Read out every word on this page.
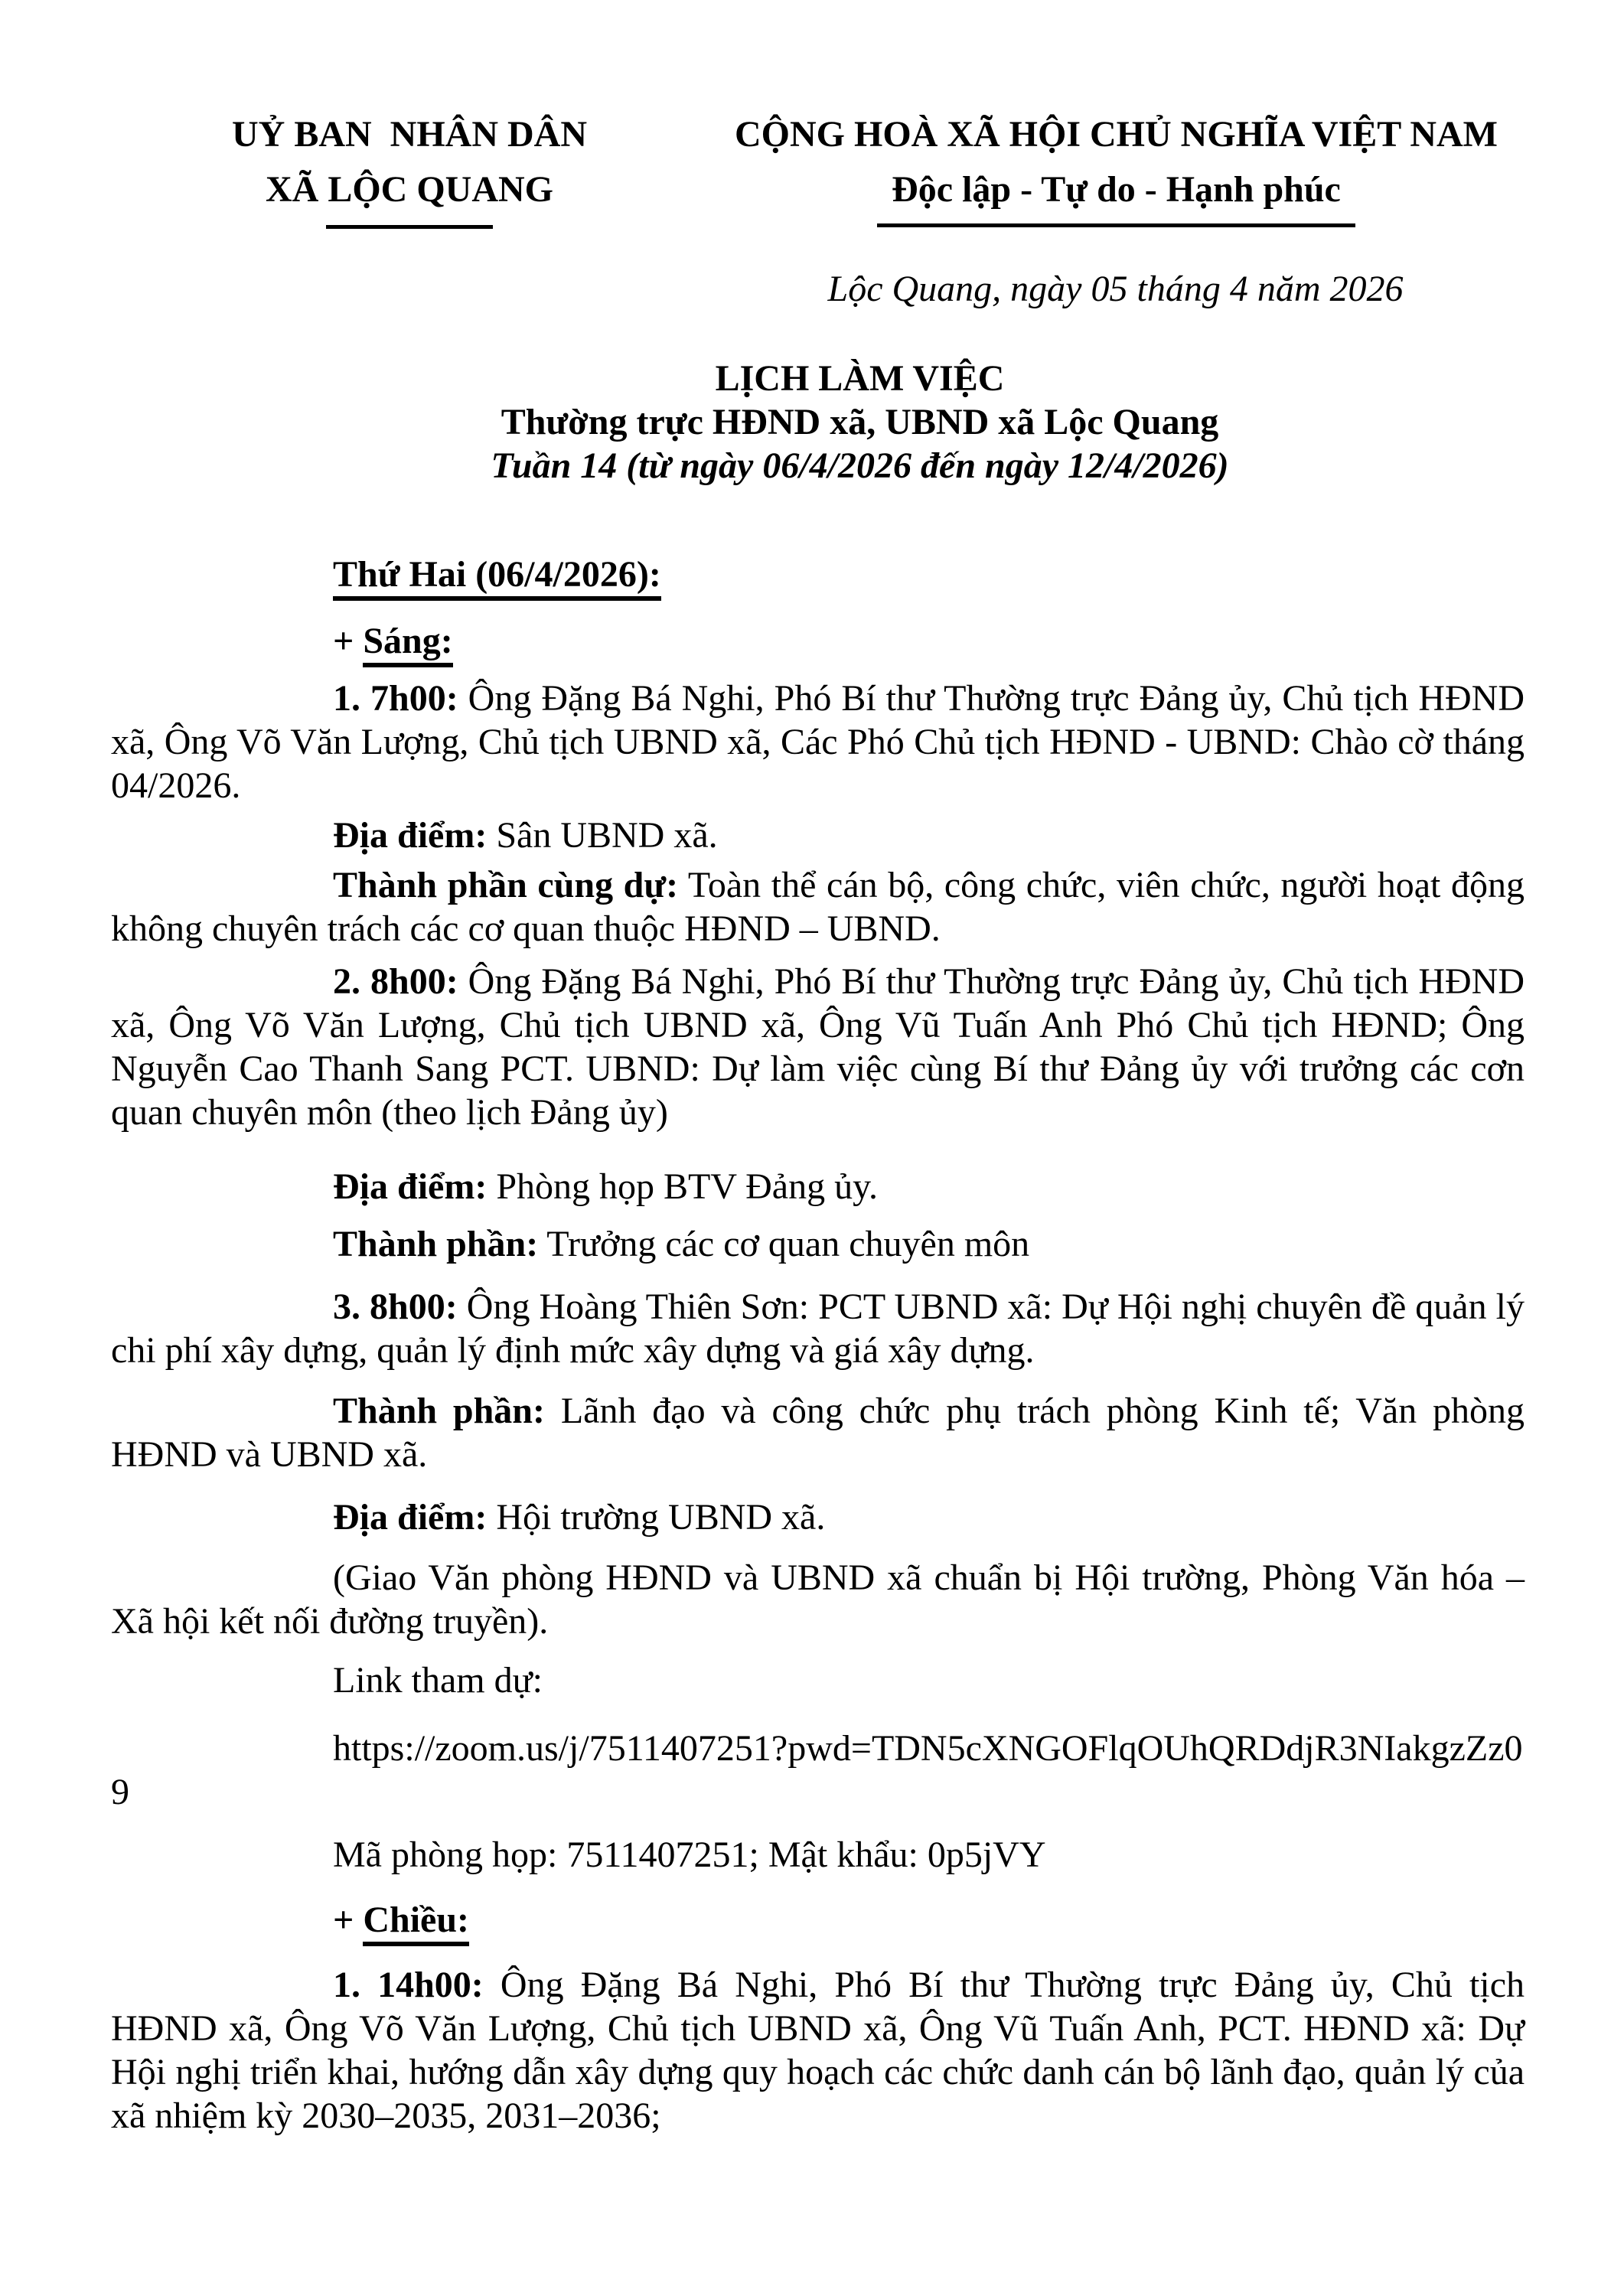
UỶ BAN  NHÂN DÂN
XÃ LỘC QUANG
CỘNG HOÀ XÃ HỘI CHỦ NGHĨA VIỆT NAM
Độc lập - Tự do - Hạnh phúc
Lộc Quang, ngày 05 tháng 4 năm 2026
LỊCH LÀM VIỆC
Thường trực HĐND xã, UBND xã Lộc Quang
Tuần 14 (từ ngày 06/4/2026 đến ngày 12/4/2026)

Thứ Hai (06/4/2026):

+ Sáng:

1. 7h00: Ông Đặng Bá Nghi, Phó Bí thư Thường trực Đảng ủy, Chủ tịch HĐND xã, Ông Võ Văn Lượng, Chủ tịch UBND xã, Các Phó Chủ tịch HĐND - UBND: Chào cờ tháng 04/2026.

Địa điểm: Sân UBND xã.

Thành phần cùng dự: Toàn thể cán bộ, công chức, viên chức, người hoạt động không chuyên trách các cơ quan thuộc HĐND – UBND.

2. 8h00: Ông Đặng Bá Nghi, Phó Bí thư Thường trực Đảng ủy, Chủ tịch HĐND xã, Ông Võ Văn Lượng, Chủ tịch UBND xã, Ông Vũ Tuấn Anh Phó Chủ tịch HĐND; Ông Nguyễn Cao Thanh Sang PCT. UBND: Dự làm việc cùng Bí thư Đảng ủy với trưởng các cơn quan chuyên môn (theo lịch Đảng ủy)

Địa điểm: Phòng họp BTV Đảng ủy.

Thành phần: Trưởng các cơ quan chuyên môn

3. 8h00: Ông Hoàng Thiên Sơn: PCT UBND xã: Dự Hội nghị chuyên đề quản lý chi phí xây dựng, quản lý định mức xây dựng và giá xây dựng.

Thành phần: Lãnh đạo và công chức phụ trách phòng Kinh tế; Văn phòng HĐND và UBND xã.

Địa điểm: Hội trường UBND xã.

(Giao Văn phòng HĐND và UBND xã chuẩn bị Hội trường, Phòng Văn hóa – Xã hội kết nối đường truyền).

Link tham dự:

https://zoom.us/j/7511407251?pwd=TDN5cXNGOFlqOUhQRDdjR3NIakgzZz09

Mã phòng họp: 7511407251; Mật khẩu: 0p5jVY

+ Chiều:

1. 14h00: Ông Đặng Bá Nghi, Phó Bí thư Thường trực Đảng ủy, Chủ tịch HĐND xã, Ông Võ Văn Lượng, Chủ tịch UBND xã, Ông Vũ Tuấn Anh, PCT. HĐND xã: Dự Hội nghị triển khai, hướng dẫn xây dựng quy hoạch các chức danh cán bộ lãnh đạo, quản lý của xã nhiệm kỳ 2030–2035, 2031–2036;
